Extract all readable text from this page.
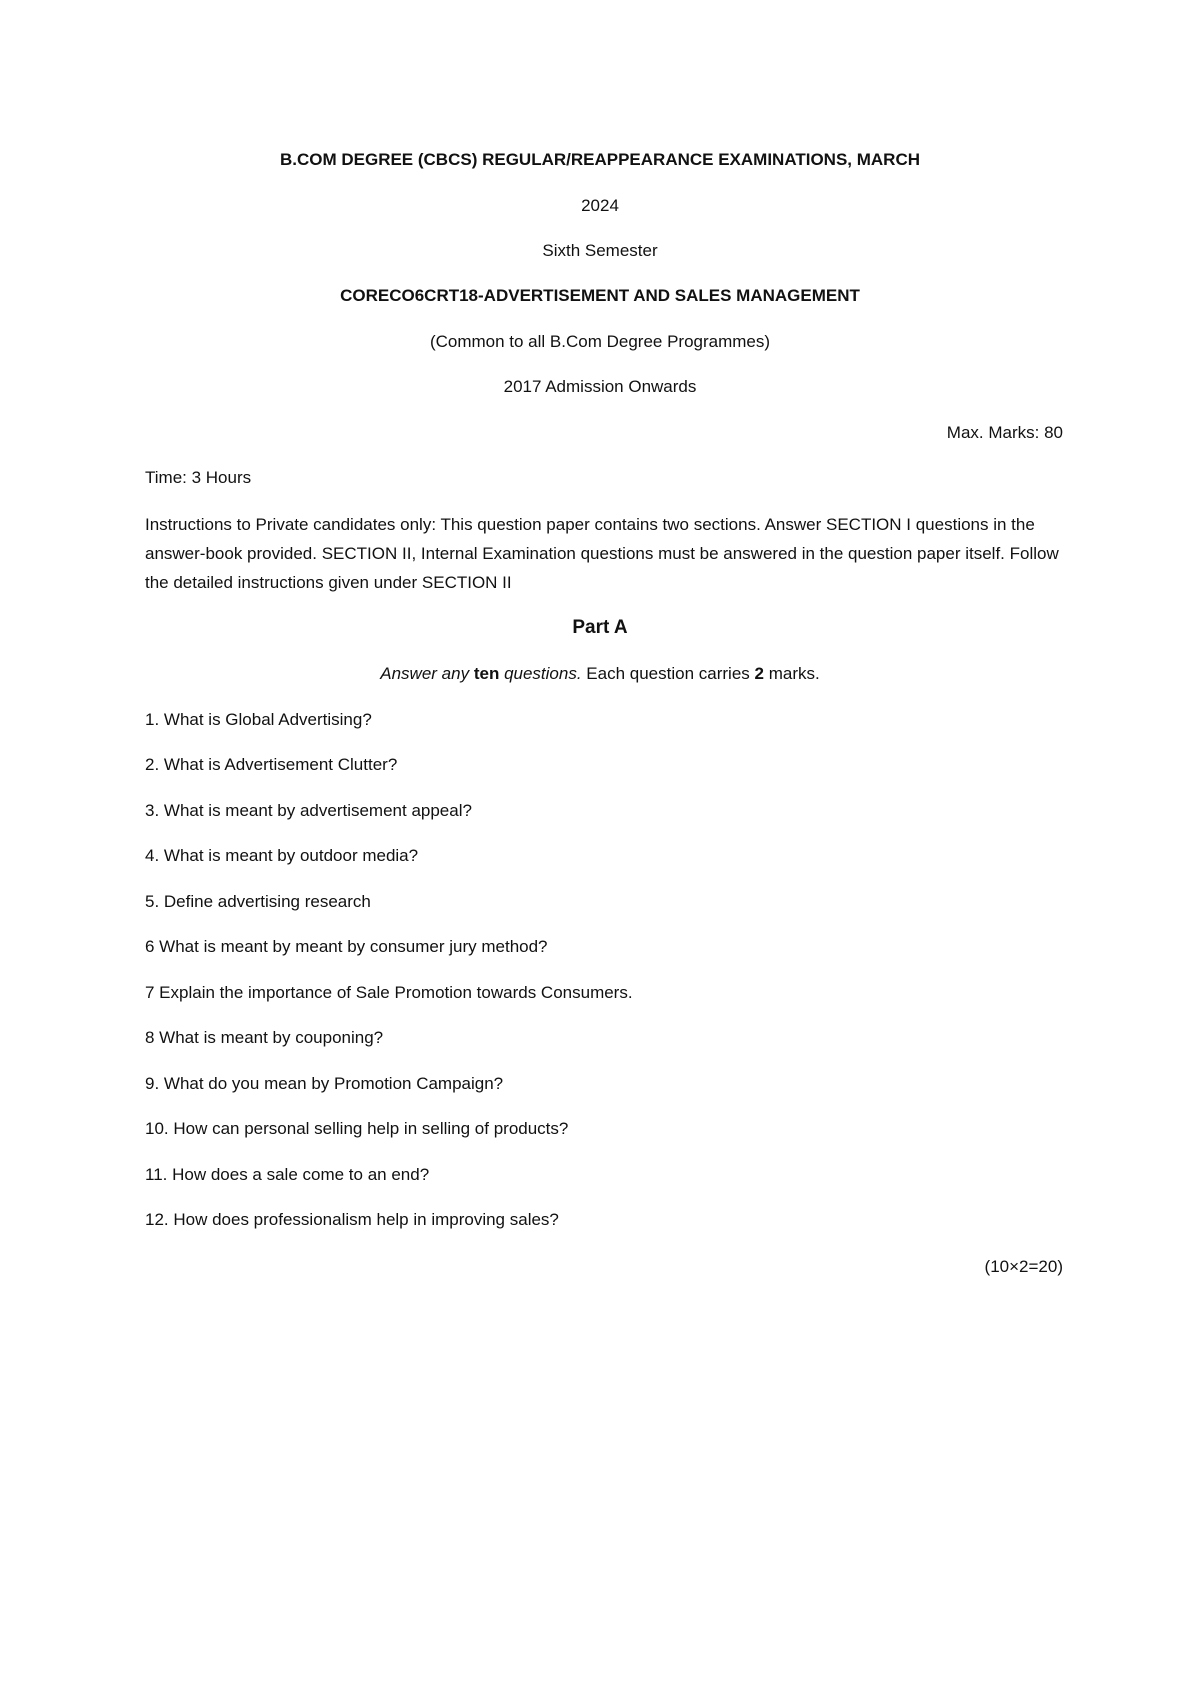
B.COM DEGREE (CBCS) REGULAR/REAPPEARANCE EXAMINATIONS, MARCH
2024
Sixth Semester
CORECO6CRT18-ADVERTISEMENT AND SALES MANAGEMENT
(Common to all B.Com Degree Programmes)
2017 Admission Onwards
Max. Marks: 80
Time: 3 Hours
Instructions to Private candidates only: This question paper contains two sections. Answer SECTION I questions in the answer-book provided. SECTION II, Internal Examination questions must be answered in the question paper itself. Follow the detailed instructions given under SECTION II
Part A
Answer any ten questions. Each question carries 2 marks.
1. What is Global Advertising?
2. What is Advertisement Clutter?
3. What is meant by advertisement appeal?
4. What is meant by outdoor media?
5. Define advertising research
6 What is meant by meant by consumer jury method?
7 Explain the importance of Sale Promotion towards Consumers.
8 What is meant by couponing?
9. What do you mean by Promotion Campaign?
10. How can personal selling help in selling of products?
11. How does a sale come to an end?
12. How does professionalism help in improving sales?
(10×2=20)
